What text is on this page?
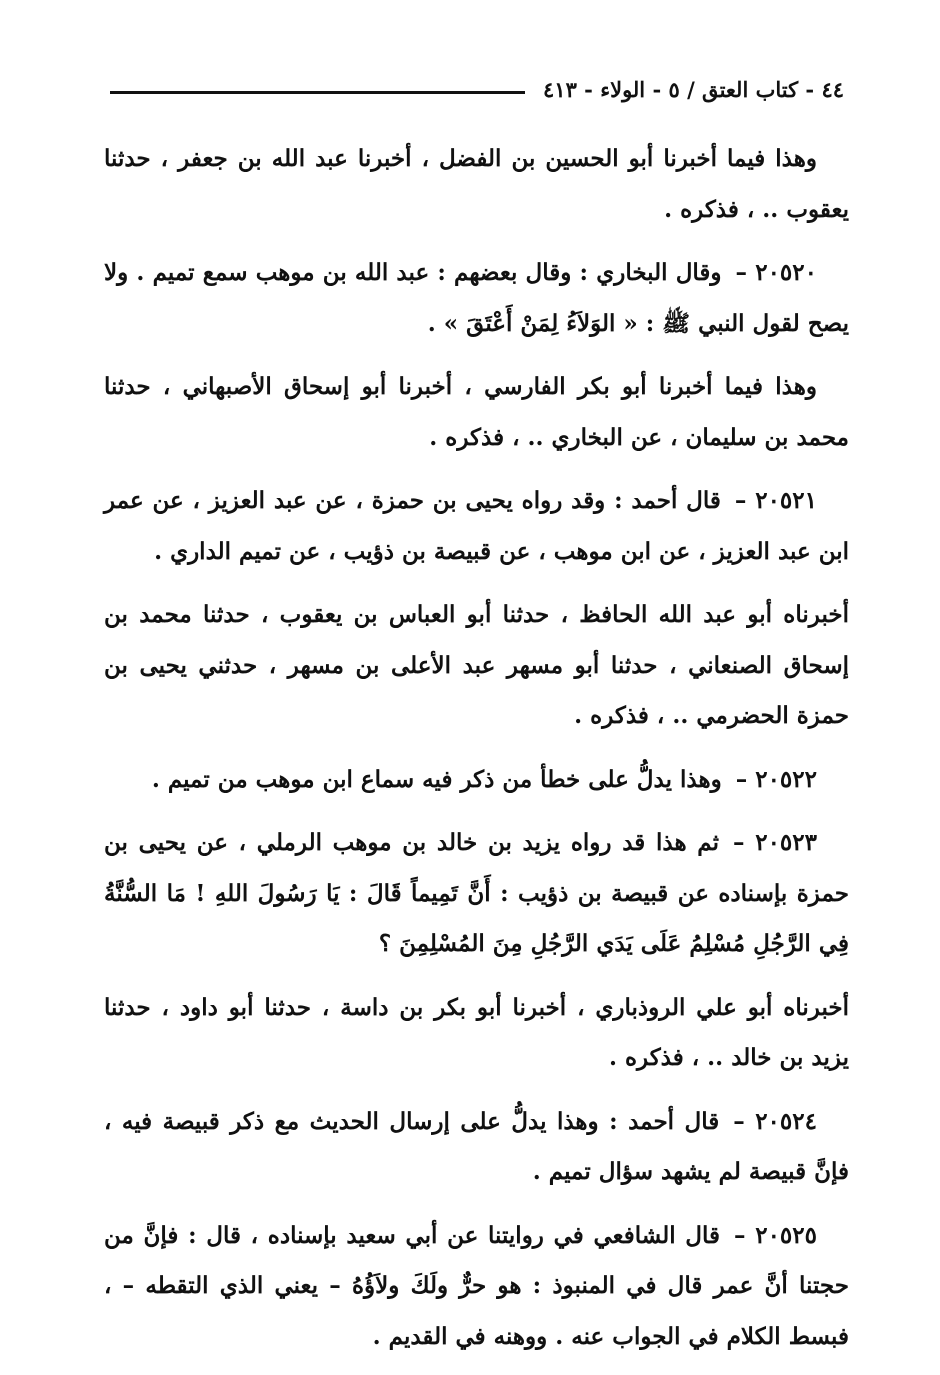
٤٤ - كتاب العتق / ٥ - الولاء - ٤١٣

وهذا فيما أخبرنا أبو الحسين بن الفضل ، أخبرنا عبد الله بن جعفر ، حدثنا يعقوب .. ، فذكره .

٢٠٥٢٠ –وقال البخاري : وقال بعضهم : عبد الله بن موهب سمع تميم . ولا يصح لقول النبي ﷺ : « الوَلاَءُ لِمَنْ أَعْتَقَ » .

وهذا فيما أخبرنا أبو بكر الفارسي ، أخبرنا أبو إسحاق الأصبهاني ، حدثنا محمد بن سليمان ، عن البخاري .. ، فذكره .

٢٠٥٢١ –قال أحمد : وقد رواه يحيى بن حمزة ، عن عبد العزيز ، عن عمر ابن عبد العزيز ، عن ابن موهب ، عن قبيصة بن ذؤيب ، عن تميم الداري .

أخبرناه أبو عبد الله الحافظ ، حدثنا أبو العباس بن يعقوب ، حدثنا محمد بن إسحاق الصنعاني ، حدثنا أبو مسهر عبد الأعلى بن مسهر ، حدثني يحيى بن حمزة الحضرمي .. ، فذكره .

٢٠٥٢٢ –وهذا يدلُّ على خطأ من ذكر فيه سماع ابن موهب من تميم .

٢٠٥٢٣ –ثم هذا قد رواه يزيد بن خالد بن موهب الرملي ، عن يحيى بن حمزة بإسناده عن قبيصة بن ذؤيب : أَنَّ تَمِيماً قَالَ : يَا رَسُولَ اللهِ ! مَا السُّنَّةُ فِي الرَّجُلِ مُسْلِمُ عَلَى يَدَي الرَّجُلِ مِنَ المُسْلِمِنَ ؟

أخبرناه أبو علي الروذباري ، أخبرنا أبو بكر بن داسة ، حدثنا أبو داود ، حدثنا يزيد بن خالد .. ، فذكره .

٢٠٥٢٤ –قال أحمد : وهذا يدلُّ على إرسال الحديث مع ذكر قبيصة فيه ، فإنَّ قبيصة لم يشهد سؤال تميم .

٢٠٥٢٥ –قال الشافعي في روايتنا عن أبي سعيد بإسناده ، قال : فإنَّ من حجتنا أنَّ عمر قال في المنبوذ : هو حرٌّ ولَكَ ولاَؤُهُ – يعني الذي التقطه – ، فبسط الكلام في الجواب عنه . ووهنه في القديم .
